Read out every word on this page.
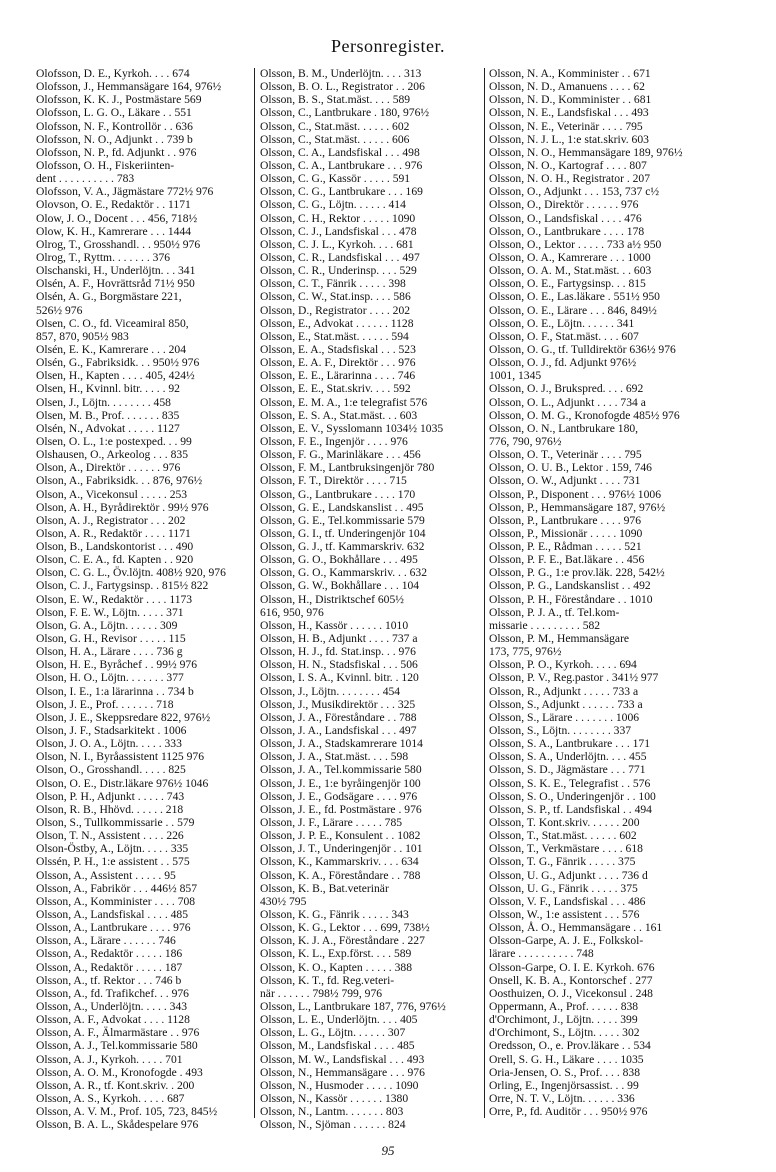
Personregister.
Olofsson, D. E., Kyrkoh. . . . 674
Olofsson, J., Hemmansägare 164, 976½
Olofsson, K. K. J., Postmästare 569
Olofsson, L. G. O., Läkare . . 551
Olofsson, N. F., Kontrollör . . 636
Olofsson, N. O., Adjunkt . . 739 b
Olofsson, N. P., fd. Adjunkt . . 976
Olofsson, O. H., Fiskeriinten-
dent . . . . . . . . . . 783
Olofsson, V. A., Jägmästare 772½ 976
Olovson, O. E., Redaktör . . 1171
Olow, J. O., Docent . . . 456, 718½
Olow, K. H., Kamrerare . . . 1444
Olrog, T., Grosshandl. . . 950½ 976
Olrog, T., Ryttm. . . . . . . 376
Olschanski, H., Underlöjtn. . . 341
Olsén, A. F., Hovrättsråd 71½ 950
Olsén, A. G., Borgmästare 221,
526½ 976
Olsen, C. O., fd. Viceamiral 850,
857, 870, 905½ 983
Olsén, E. K., Kamrerare . . . 204
Olsén, G., Fabriksidk. . . 950½ 976
Olsen, H., Kapten . . . . 405, 424½
Olsen, H., Kvinnl. bitr. . . . . 92
Olsen, J., Löjtn. . . . . . . . 458
Olsen, M. B., Prof. . . . . . . 835
Olsén, N., Advokat . . . . . 1127
Olsen, O. L., 1:e postexped. . . 99
Olshausen, O., Arkeolog . . . 835
Olson, A., Direktör . . . . . . 976
Olson, A., Fabriksidk. . . 876, 976½
Olson, A., Vicekonsul . . . . . 253
Olson, A. H., Byrådirektör . 99½ 976
Olson, A. J., Registrator . . . 202
Olson, A. R., Redaktör . . . . 1171
Olson, B., Landskontorist . . . 490
Olson, C. E. A., fd. Kapten . . 920
Olson, C. G. L., Öv.löjtn. 408½ 920, 976
Olson, C. J., Fartygsinsp. . 815½ 822
Olson, E. W., Redaktör . . . . 1173
Olson, F. E. W., Löjtn. . . . . 371
Olson, G. A., Löjtn. . . . . . 309
Olson, G. H., Revisor . . . . . 115
Olson, H. A., Lärare . . . . 736 g
Olson, H. E., Byråchef . . 99½ 976
Olson, H. O., Löjtn. . . . . . . 377
Olson, I. E., 1:a lärarinna . . 734 b
Olson, J. E., Prof. . . . . . . 718
Olson, J. E., Skeppsredare 822, 976½
Olson, J. F., Stadsarkitekt . 1006
Olson, J. O. A., Löjtn. . . . . 333
Olson, N. I., Byråassistent 1125 976
Olson, O., Grosshandl. . . . . 825
Olson, O. E., Distr.läkare 976½ 1046
Olson, P. H., Adjunkt . . . . . 743
Olson, R. B., Hhövd. . . . . . 218
Olson, S., Tullkommissarie . . 579
Olson, T. N., Assistent . . . . 226
Olson-Östby, A., Löjtn. . . . . 335
Olssén, P. H., 1:e assistent . . 575
Olsson, A., Assistent . . . . . 95
Olsson, A., Fabrikör . . . 446½ 857
Olsson, A., Komminister . . . . 708
Olsson, A., Landsfiskal . . . . 485
Olsson, A., Lantbrukare . . . . 976
Olsson, A., Lärare . . . . . . 746
Olsson, A., Redaktör . . . . . 186
Olsson, A., Redaktör . . . . . 187
Olsson, A., tf. Rektor . . . 746 b
Olsson, A., fd. Trafikchef. . . 976
Olsson, A., Underlöjtn. . . . . 343
Olsson, A. F., Advokat . . . . 1128
Olsson, A. F., Älmarmästare . . 976
Olsson, A. J., Tel.kommissarie 580
Olsson, A. J., Kyrkoh. . . . . 701
Olsson, A. O. M., Kronofogde . 493
Olsson, A. R., tf. Kont.skriv. . 200
Olsson, A. S., Kyrkoh. . . . . 687
Olsson, A. V. M., Prof. 105, 723, 845½
Olsson, B. A. L., Skådespelare 976
Olsson, B. M., Underlöjtn. . . . 313
Olsson, B. O. L., Registrator . . 206
Olsson, B. S., Stat.mäst. . . . 589
Olsson, C., Lantbrukare . 180, 976½
Olsson, C., Stat.mäst. . . . . . 602
Olsson, C., Stat.mäst. . . . . . 606
Olsson, C. A., Landsfiskal . . . 498
Olsson, C. A., Lantbrukare . . . 976
Olsson, C. G., Kassör . . . . . 591
Olsson, C. G., Lantbrukare . . . 169
Olsson, C. G., Löjtn. . . . . . 414
Olsson, C. H., Rektor . . . . . 1090
Olsson, C. J., Landsfiskal . . . 478
Olsson, C. J. L., Kyrkoh. . . . 681
Olsson, C. R., Landsfiskal . . . 497
Olsson, C. R., Underinsp. . . . 529
Olsson, C. T., Fänrik . . . . . 398
Olsson, C. W., Stat.insp. . . . 586
Olsson, D., Registrator . . . . 202
Olsson, E., Advokat . . . . . . 1128
Olsson, E., Stat.mäst. . . . . . 594
Olsson, E. A., Stadsfiskal . . . 523
Olsson, E. A. F., Direktör . . . 976
Olsson, E. E., Lärarinna . . . . 746
Olsson, E. E., Stat.skriv. . . . 592
Olsson, E. M. A., 1:e telegrafist 576
Olsson, E. S. A., Stat.mäst. . . 603
Olsson, E. V., Sysslomann 1034½ 1035
Olsson, F. E., Ingenjör . . . . 976
Olsson, F. G., Marinläkare . . . 456
Olsson, F. M., Lantbruksingenjör 780
Olsson, F. T., Direktör . . . . 715
Olsson, G., Lantbrukare . . . . 170
Olsson, G. E., Landskanslist . . 495
Olsson, G. E., Tel.kommissarie 579
Olsson, G. I., tf. Underingenjör 104
Olsson, G. J., tf. Kammarskriv. 632
Olsson, G. O., Bokhållare . . . 495
Olsson, G. O., Kammarskriv. . . 632
Olsson, G. W., Bokhållare . . . 104
Olsson, H., Distriktschef 605½
616, 950, 976
Olsson, H., Kassör . . . . . . 1010
Olsson, H. B., Adjunkt . . . . 737 a
Olsson, H. J., fd. Stat.insp. . . 976
Olsson, H. N., Stadsfiskal . . . 506
Olsson, I. S. A., Kvinnl. bitr. . 120
Olsson, J., Löjtn. . . . . . . . 454
Olsson, J., Musikdirektör . . . 325
Olsson, J. A., Föreståndare . . 788
Olsson, J. A., Landsfiskal . . . 497
Olsson, J. A., Stadskamrerare 1014
Olsson, J. A., Stat.mäst. . . . 598
Olsson, J. A., Tel.kommissarie 580
Olsson, J. E., 1:e byråingenjör 100
Olsson, J. E., Godsägare . . . . 976
Olsson, J. E., fd. Postmästare . 976
Olsson, J. F., Lärare . . . . . 785
Olsson, J. P. E., Konsulent . . 1082
Olsson, J. T., Underingenjör . . 101
Olsson, K., Kammarskriv. . . . 634
Olsson, K. A., Föreståndare . . 788
Olsson, K. B., Bat.veterinär
430½ 795
Olsson, K. G., Fänrik . . . . . 343
Olsson, K. G., Lektor . . . 699, 738½
Olsson, K. J. A., Föreståndare . 227
Olsson, K. L., Exp.först. . . . 589
Olsson, K. O., Kapten . . . . . 388
Olsson, K. T., fd. Reg.veteri-
när . . . . . . 798½ 799, 976
Olsson, L., Lantbrukare 187, 776, 976½
Olsson, L. E., Underlöjtn. . . . 405
Olsson, L. G., Löjtn. . . . . . 307
Olsson, M., Landsfiskal . . . . 485
Olsson, M. W., Landsfiskal . . . 493
Olsson, N., Hemmansägare . . . 976
Olsson, N., Husmoder . . . . . 1090
Olsson, N., Kassör . . . . . . 1380
Olsson, N., Lantm. . . . . . . 803
Olsson, N., Sjöman . . . . . . 824
Olsson, N. A., Komminister . . 671
Olsson, N. D., Amanuens . . . . 62
Olsson, N. D., Komminister . . 681
Olsson, N. E., Landsfiskal . . . 493
Olsson, N. E., Veterinär . . . . 795
Olsson, N. J. L., 1:e stat.skriv. 603
Olsson, N. O., Hemmansägare 189, 976½
Olsson, N. O., Kartograf . . . . 807
Olsson, N. O. H., Registrator . 207
Olsson, O., Adjunkt . . . 153, 737 c½
Olsson, O., Direktör . . . . . . 976
Olsson, O., Landsfiskal . . . . 476
Olsson, O., Lantbrukare . . . . 178
Olsson, O., Lektor . . . . . 733 a½ 950
Olsson, O. A., Kamrerare . . . 1000
Olsson, O. A. M., Stat.mäst. . . 603
Olsson, O. E., Fartygsinsp. . . 815
Olsson, O. E., Las.läkare . 551½ 950
Olsson, O. E., Lärare . . . 846, 849½
Olsson, O. E., Löjtn. . . . . . 341
Olsson, O. F., Stat.mäst. . . . 607
Olsson, O. G., tf. Tulldirektör 636½ 976
Olsson, O. J., fd. Adjunkt 976½
1001, 1345
Olsson, O. J., Brukspred. . . . 692
Olsson, O. L., Adjunkt . . . . 734 a
Olsson, O. M. G., Kronofogde 485½ 976
Olsson, O. N., Lantbrukare 180,
776, 790, 976½
Olsson, O. T., Veterinär . . . . 795
Olsson, O. U. B., Lektor . 159, 746
Olsson, O. W., Adjunkt . . . . 731
Olsson, P., Disponent . . . 976½ 1006
Olsson, P., Hemmansägare 187, 976½
Olsson, P., Lantbrukare . . . . 976
Olsson, P., Missionär . . . . . 1090
Olsson, P. E., Rådman . . . . . 521
Olsson, P. F. E., Bat.läkare . . 456
Olsson, P. G., 1:e prov.läk. 228, 542½
Olsson, P. G., Landskanslist . . 492
Olsson, P. H., Föreståndare . . 1010
Olsson, P. J. A., tf. Tel.kom-
missarie . . . . . . . . . 582
Olsson, P. M., Hemmansägare
173, 775, 976½
Olsson, P. O., Kyrkoh. . . . . 694
Olsson, P. V., Reg.pastor . 341½ 977
Olsson, R., Adjunkt . . . . . 733 a
Olsson, S., Adjunkt . . . . . . 733 a
Olsson, S., Lärare . . . . . . . 1006
Olsson, S., Löjtn. . . . . . . . 337
Olsson, S. A., Lantbrukare . . . 171
Olsson, S. A., Underlöjtn. . . . 455
Olsson, S. D., Jägmästare . . . 771
Olsson, S. K. E., Telegrafist . . 576
Olsson, S. O., Underingenjör . . 100
Olsson, S. P., tf. Landsfiskal . . 494
Olsson, T. Kont.skriv. . . . . . 200
Olsson, T., Stat.mäst. . . . . . 602
Olsson, T., Verkmästare . . . . 618
Olsson, T. G., Fänrik . . . . . 375
Olsson, U. G., Adjunkt . . . . 736 d
Olsson, U. G., Fänrik . . . . . 375
Olsson, V. F., Landsfiskal . . . 486
Olsson, W., 1:e assistent . . . 576
Olsson, Å. O., Hemmansägare . . 161
Olsson-Garpe, A. J. E., Folkskol-
lärare . . . . . . . . . . 748
Olsson-Garpe, O. I. E. Kyrkoh. 676
Onsell, K. B. A., Kontorschef . 277
Oosthuizen, O. J., Vicekonsul . 248
Oppermann, A., Prof. . . . . . 838
d'Orchimont, J., Löjtn. . . . . 399
d'Orchimont, S., Löjtn. . . . . 302
Oredsson, O., e. Prov.läkare . . 534
Orell, S. G. H., Läkare . . . . 1035
Oria-Jensen, O. S., Prof. . . . 838
Orling, E., Ingenjörsassist. . . 99
Orre, N. T. V., Löjtn. . . . . . 336
Orre, P., fd. Auditör . . . 950½ 976
95
